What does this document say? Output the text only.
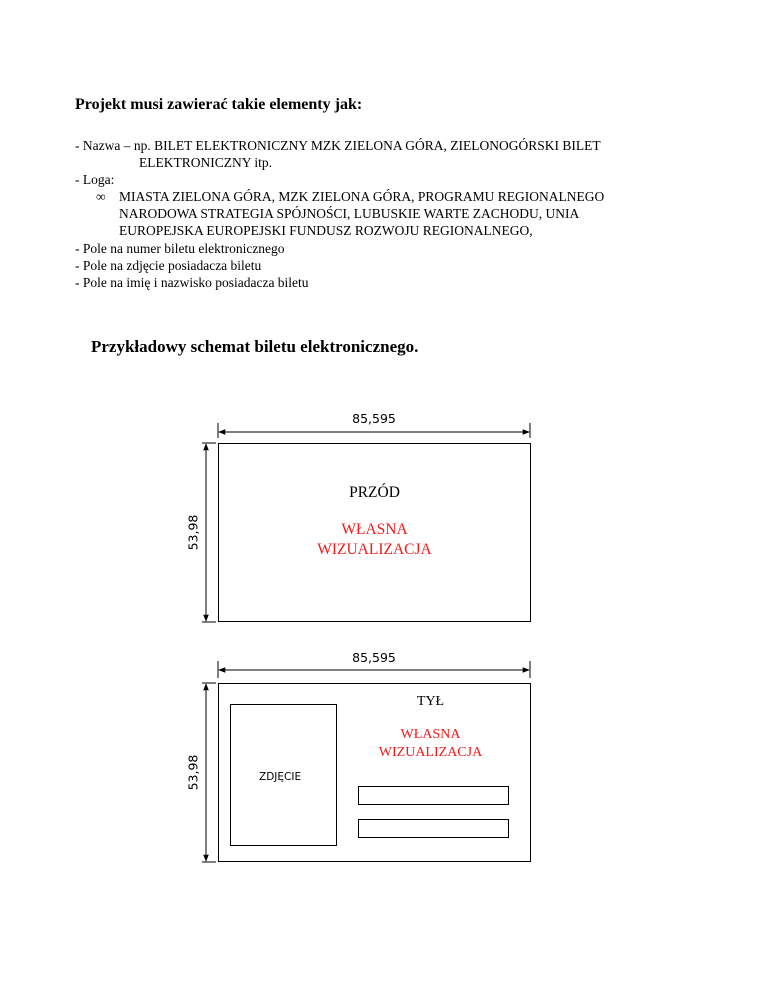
Projekt musi zawierać takie elementy jak:
- Nazwa – np. BILET ELEKTRONICZNY MZK ZIELONA GÓRA, ZIELONOGÓRSKI BILET
ELEKTRONICZNY itp.
- Loga:
∞ MIASTA ZIELONA GÓRA, MZK ZIELONA GÓRA, PROGRAMU REGIONALNEGO
NARODOWA STRATEGIA SPÓJNOŚCI, LUBUSKIE WARTE ZACHODU, UNIA
EUROPEJSKA EUROPEJSKI FUNDUSZ ROZWOJU REGIONALNEGO,
- Pole na numer biletu elektronicznego
- Pole na zdjęcie posiadacza biletu
- Pole na imię i nazwisko posiadacza biletu
Przykładowy schemat biletu elektronicznego.
85,595
53,98
PRZÓD
WŁASNA
WIZUALIZACJA
85,595
53,98	ZDJĘCIE
TYŁ
WŁASNA
WIZUALIZACJA
